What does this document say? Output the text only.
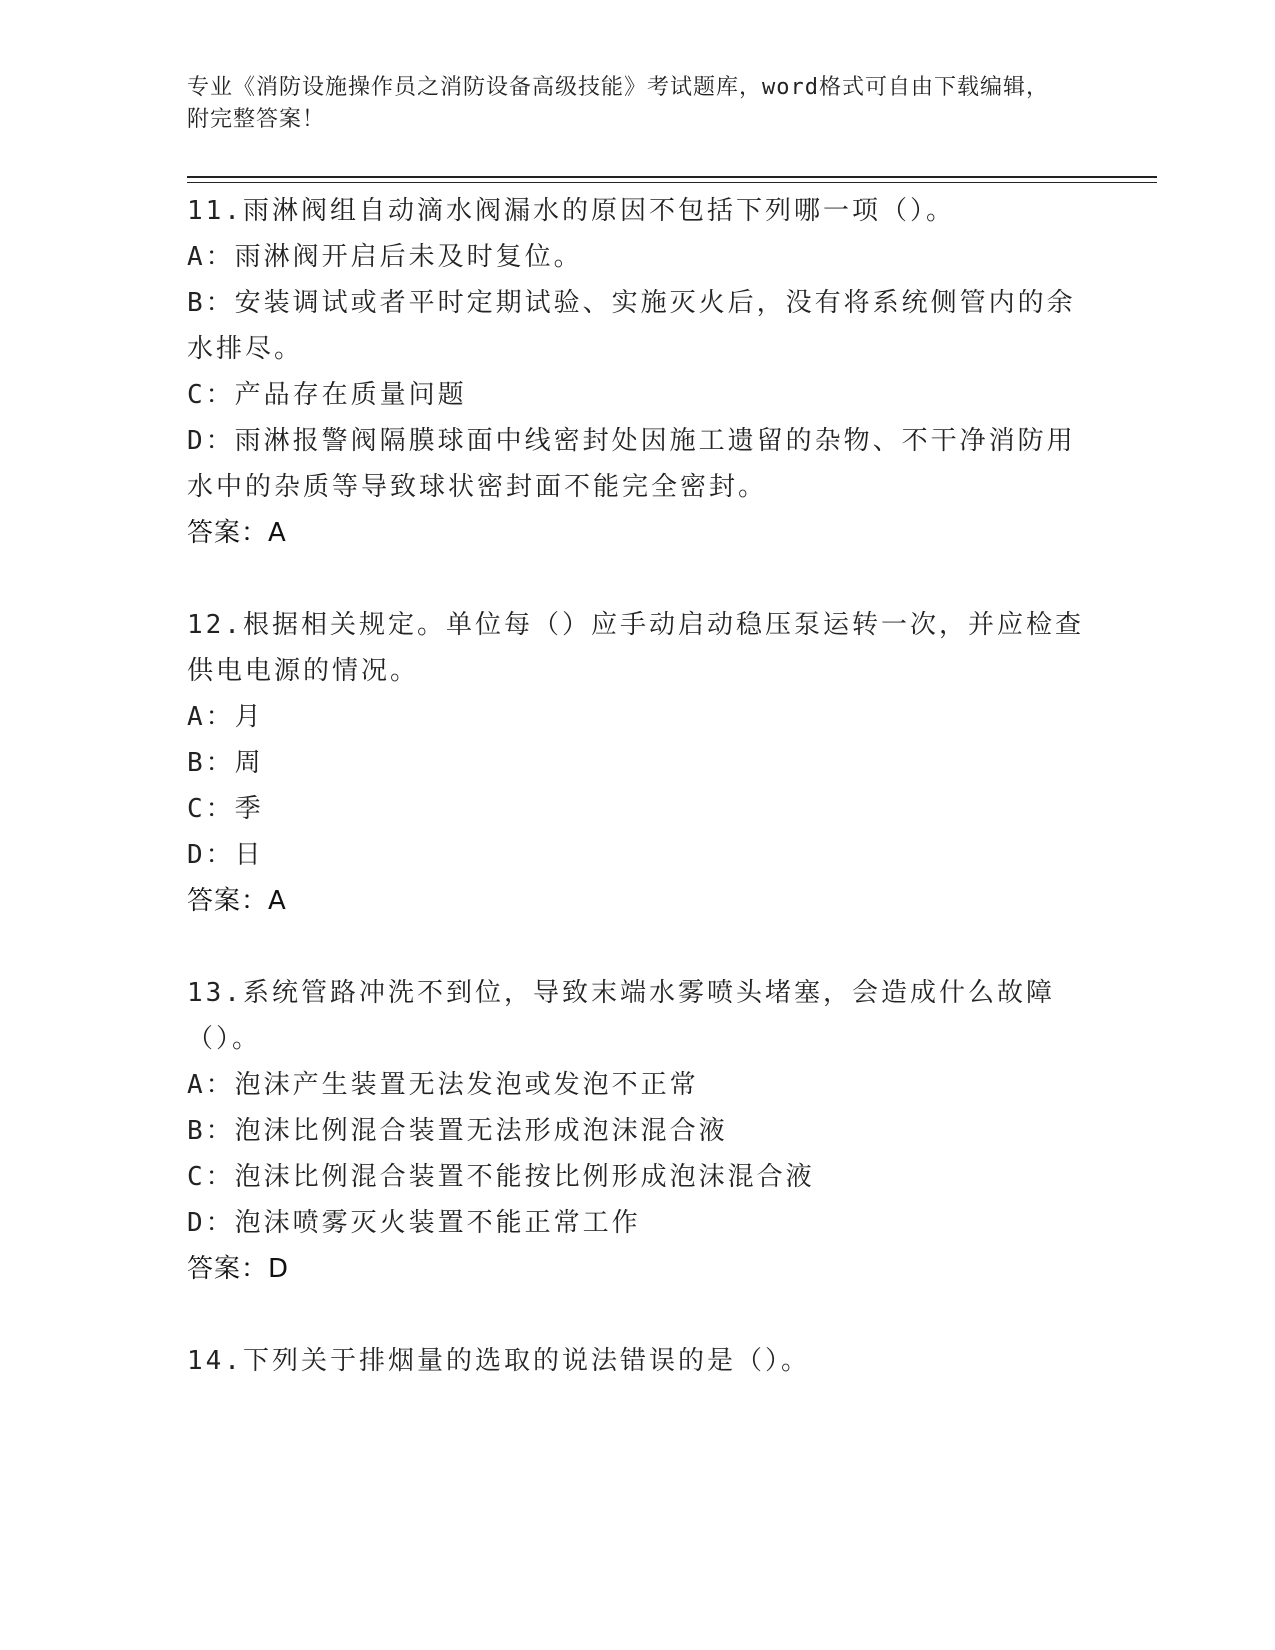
专业《消防设施操作员之消防设备高级技能》考试题库，word格式可自由下载编辑，附完整答案！
11.雨淋阀组自动滴水阀漏水的原因不包括下列哪一项（）。
A：雨淋阀开启后未及时复位。
B：安装调试或者平时定期试验、实施灭火后，没有将系统侧管内的余水排尽。
C：产品存在质量问题
D：雨淋报警阀隔膜球面中线密封处因施工遗留的杂物、不干净消防用水中的杂质等导致球状密封面不能完全密封。
答案：A
12.根据相关规定。单位每（）应手动启动稳压泵运转一次，并应检查供电电源的情况。
A：月
B：周
C：季
D：日
答案：A
13.系统管路冲洗不到位，导致末端水雾喷头堵塞，会造成什么故障（）。
A：泡沫产生装置无法发泡或发泡不正常
B：泡沫比例混合装置无法形成泡沫混合液
C：泡沫比例混合装置不能按比例形成泡沫混合液
D：泡沫喷雾灭火装置不能正常工作
答案：D
14.下列关于排烟量的选取的说法错误的是（）。
